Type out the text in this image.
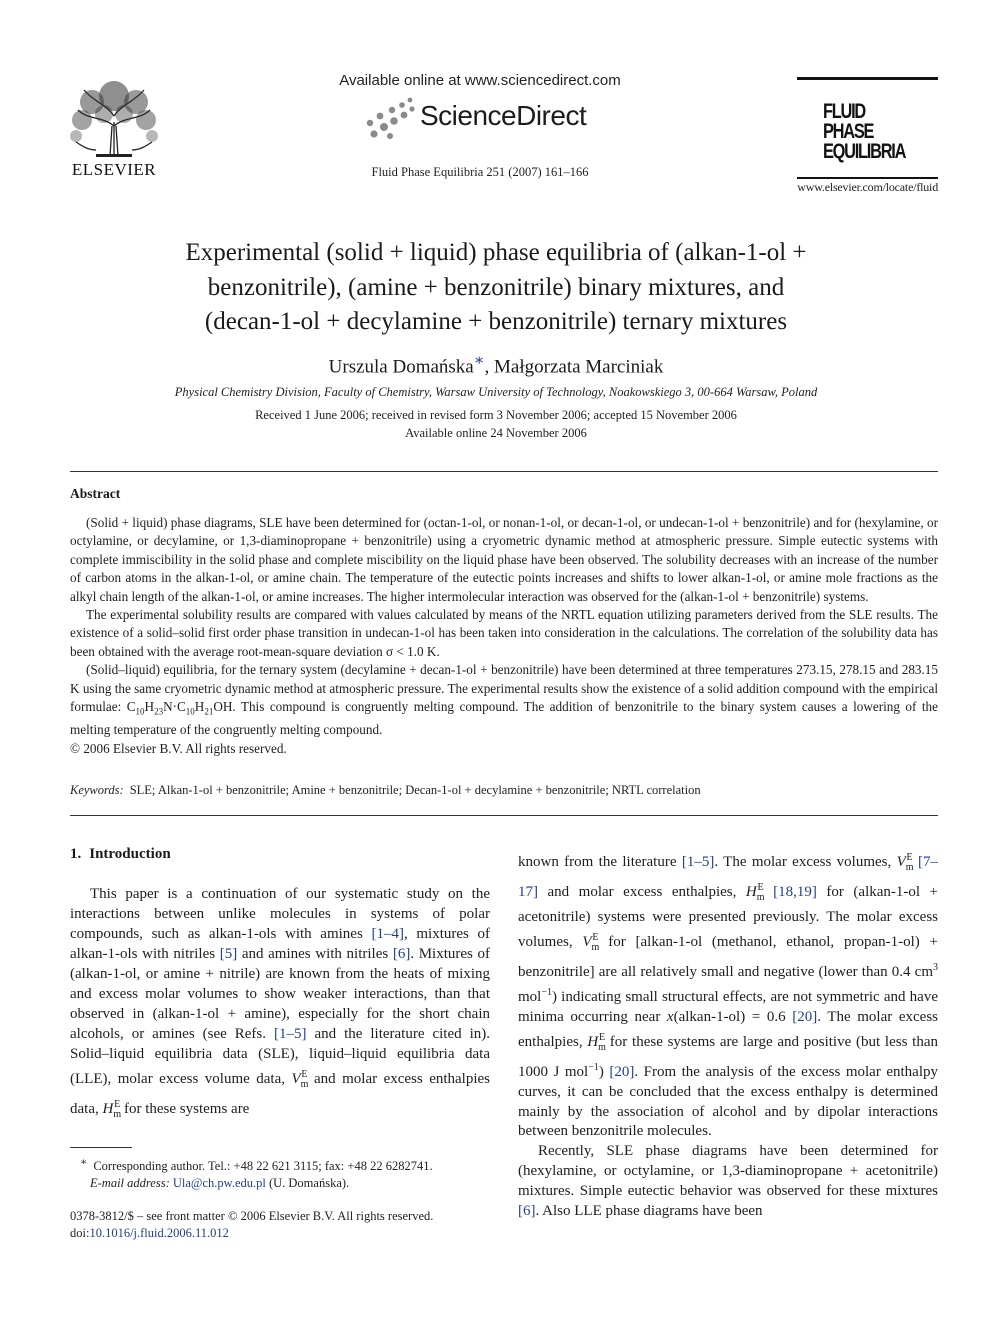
ELSEVIER
Available online at www.sciencedirect.com
ScienceDirect
Fluid Phase Equilibria 251 (2007) 161–166
FLUID PHASE
EQUILIBRIA
www.elsevier.com/locate/fluid
Experimental (solid + liquid) phase equilibria of (alkan-1-ol +
benzonitrile), (amine + benzonitrile) binary mixtures, and
(decan-1-ol + decylamine + benzonitrile) ternary mixtures
Urszula Domańska∗, Małgorzata Marciniak
Physical Chemistry Division, Faculty of Chemistry, Warsaw University of Technology, Noakowskiego 3, 00-664 Warsaw, Poland
Received 1 June 2006; received in revised form 3 November 2006; accepted 15 November 2006
Available online 24 November 2006
Abstract

(Solid + liquid) phase diagrams, SLE have been determined for (octan-1-ol, or nonan-1-ol, or decan-1-ol, or undecan-1-ol + benzonitrile) and for (hexylamine, or octylamine, or decylamine, or 1,3-diaminopropane + benzonitrile) using a cryometric dynamic method at atmospheric pressure. Simple eutectic systems with complete immiscibility in the solid phase and complete miscibility on the liquid phase have been observed. The solubility decreases with an increase of the number of carbon atoms in the alkan-1-ol, or amine chain. The temperature of the eutectic points increases and shifts to lower alkan-1-ol, or amine mole fractions as the alkyl chain length of the alkan-1-ol, or amine increases. The higher intermolecular interaction was observed for the (alkan-1-ol + benzonitrile) systems.

The experimental solubility results are compared with values calculated by means of the NRTL equation utilizing parameters derived from the SLE results. The existence of a solid–solid first order phase transition in undecan-1-ol has been taken into consideration in the calculations. The correlation of the solubility data has been obtained with the average root-mean-square deviation σ < 1.0 K.

(Solid–liquid) equilibria, for the ternary system (decylamine + decan-1-ol + benzonitrile) have been determined at three temperatures 273.15, 278.15 and 283.15 K using the same cryometric dynamic method at atmospheric pressure. The experimental results show the existence of a solid addition compound with the empirical formulae: $C_{10}H_{23}N\cdot C_{10}H_{21}OH$. This compound is congruently melting compound. The addition of benzonitrile to the binary system causes a lowering of the melting temperature of the congruently melting compound.

© 2006 Elsevier B.V. All rights reserved.

Keywords: SLE; Alkan-1-ol + benzonitrile; Amine + benzonitrile; Decan-1-ol + decylamine + benzonitrile; NRTL correlation
1. Introduction

This paper is a continuation of our systematic study on the interactions between unlike molecules in systems of polar compounds, such as alkan-1-ols with amines [1–4], mixtures of alkan-1-ols with nitriles [5] and amines with nitriles [6]. Mixtures of (alkan-1-ol, or amine + nitrile) are known from the heats of mixing and excess molar volumes to show weaker interactions, than that observed in (alkan-1-ol + amine), especially for the short chain alcohols, or amines (see Refs. [1–5] and the literature cited in). Solid–liquid equilibria data (SLE), liquid–liquid equilibria data (LLE), molar excess volume data, $V_m^E$ and molar excess enthalpies data, $H_m^E$ for these systems are

known from the literature [1–5]. The molar excess volumes, $V_m^E$ [7–17] and molar excess enthalpies, $H_m^E$ [18,19] for (alkan-1-ol + acetonitrile) systems were presented previously. The molar excess volumes, $V_m^E$ for [alkan-1-ol (methanol, ethanol, propan-1-ol) + benzonitrile] are all relatively small and negative (lower than 0.4 $cm^3$ mol$^{-1}$) indicating small structural effects, are not symmetric and have minima occurring near x(alkan-1-ol) = 0.6 [20]. The molar excess enthalpies, $H_m^E$ for these systems are large and positive (but less than 1000 J mol$^{-1}$) [20]. From the analysis of the excess molar enthalpy curves, it can be concluded that the excess enthalpy is determined mainly by the association of alcohol and by dipolar interactions between benzonitrile molecules.

Recently, SLE phase diagrams have been determined for (hexylamine, or octylamine, or 1,3-diaminopropane + acetonitrile) mixtures. Simple eutectic behavior was observed for these mixtures [6]. Also LLE phase diagrams have been

∗ Corresponding author. Tel.: +48 22 621 3115; fax: +48 22 6282741.
E-mail address: Ula@ch.pw.edu.pl (U. Domańska).
0378-3812/$ – see front matter © 2006 Elsevier B.V. All rights reserved.
doi:10.1016/j.fluid.2006.11.012
